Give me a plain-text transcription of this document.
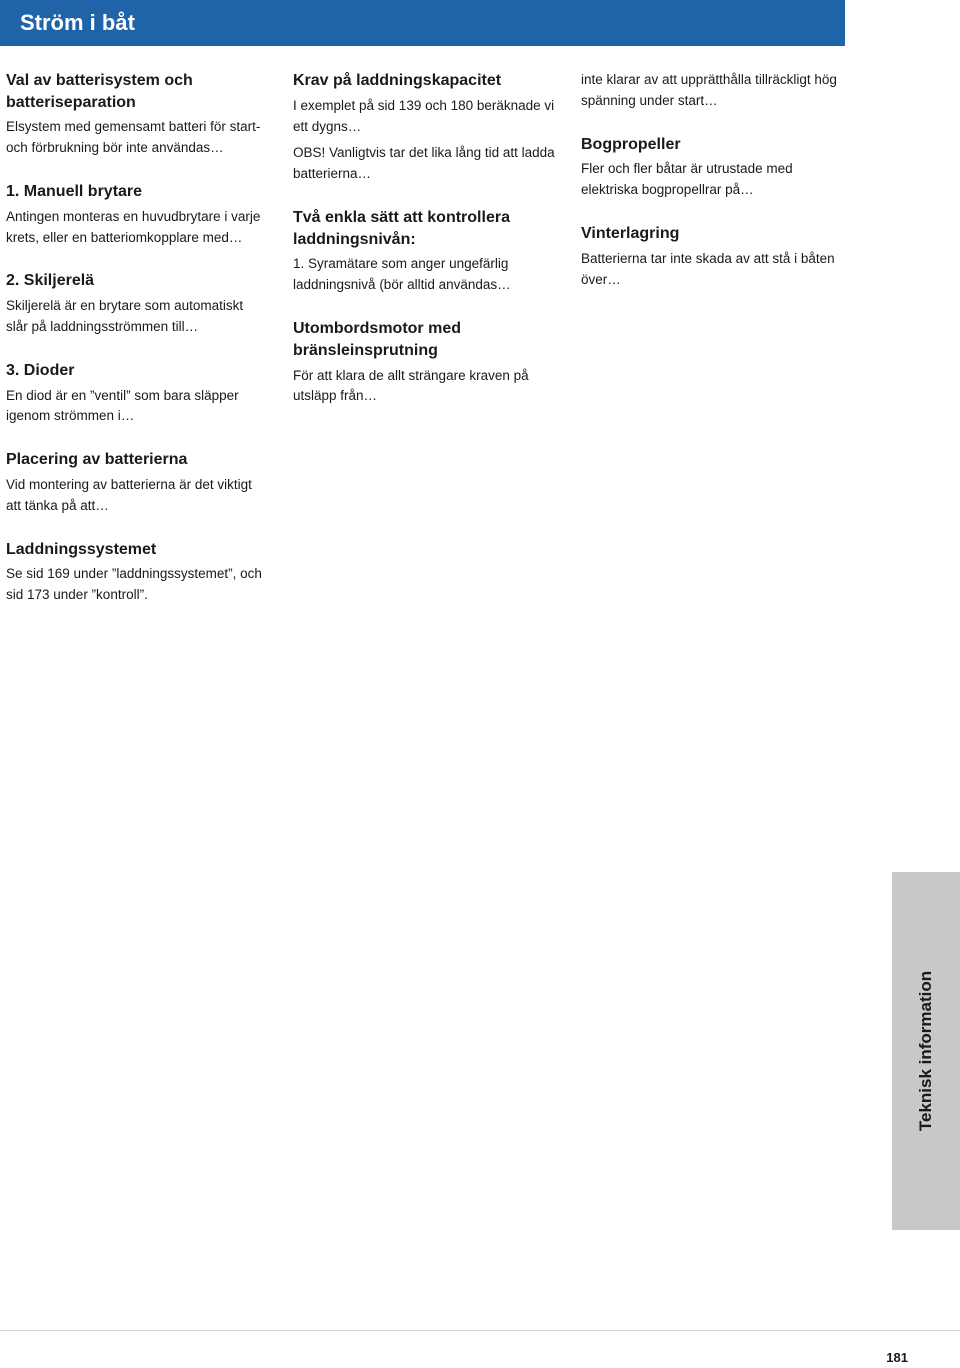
Ström i båt
Val av batterisystem och batteriseparation

Elsystem med gemensamt batteri för start- och förbrukning bör inte användas…

1. Manuell brytare

Antingen monteras en huvudbrytare i varje krets, eller en batteriomkopplare med…

2. Skiljerelä

Skiljerelä är en brytare som automatiskt slår på laddningsströmmen till…

3. Dioder

En diod är en ”ventil” som bara släpper igenom strömmen i…

Placering av batterierna

Vid montering av batterierna är det viktigt att tänka på att…

Laddningssystemet

Se sid 169 under ”laddningssystemet”, och sid 173 under ”kontroll”.

Krav på laddningskapacitet

I exemplet på sid 139 och 180 beräknade vi ett dygns…

OBS! Vanligtvis tar det lika lång tid att ladda batterierna…

Två enkla sätt att kontrollera laddningsnivån:

1. Syramätare som anger ungefärlig laddningsnivå (bör alltid användas…

Utombordsmotor med bränsleinsprutning

För att klara de allt strängare kraven på utsläpp från…

inte klarar av att upprätthålla tillräckligt hög spänning under start…

Bogpropeller

Fler och fler båtar är utrustade med elektriska bogpropellrar på…

Vinterlagring

Batterierna tar inte skada av att stå i båten över…

Teknisk information
181
